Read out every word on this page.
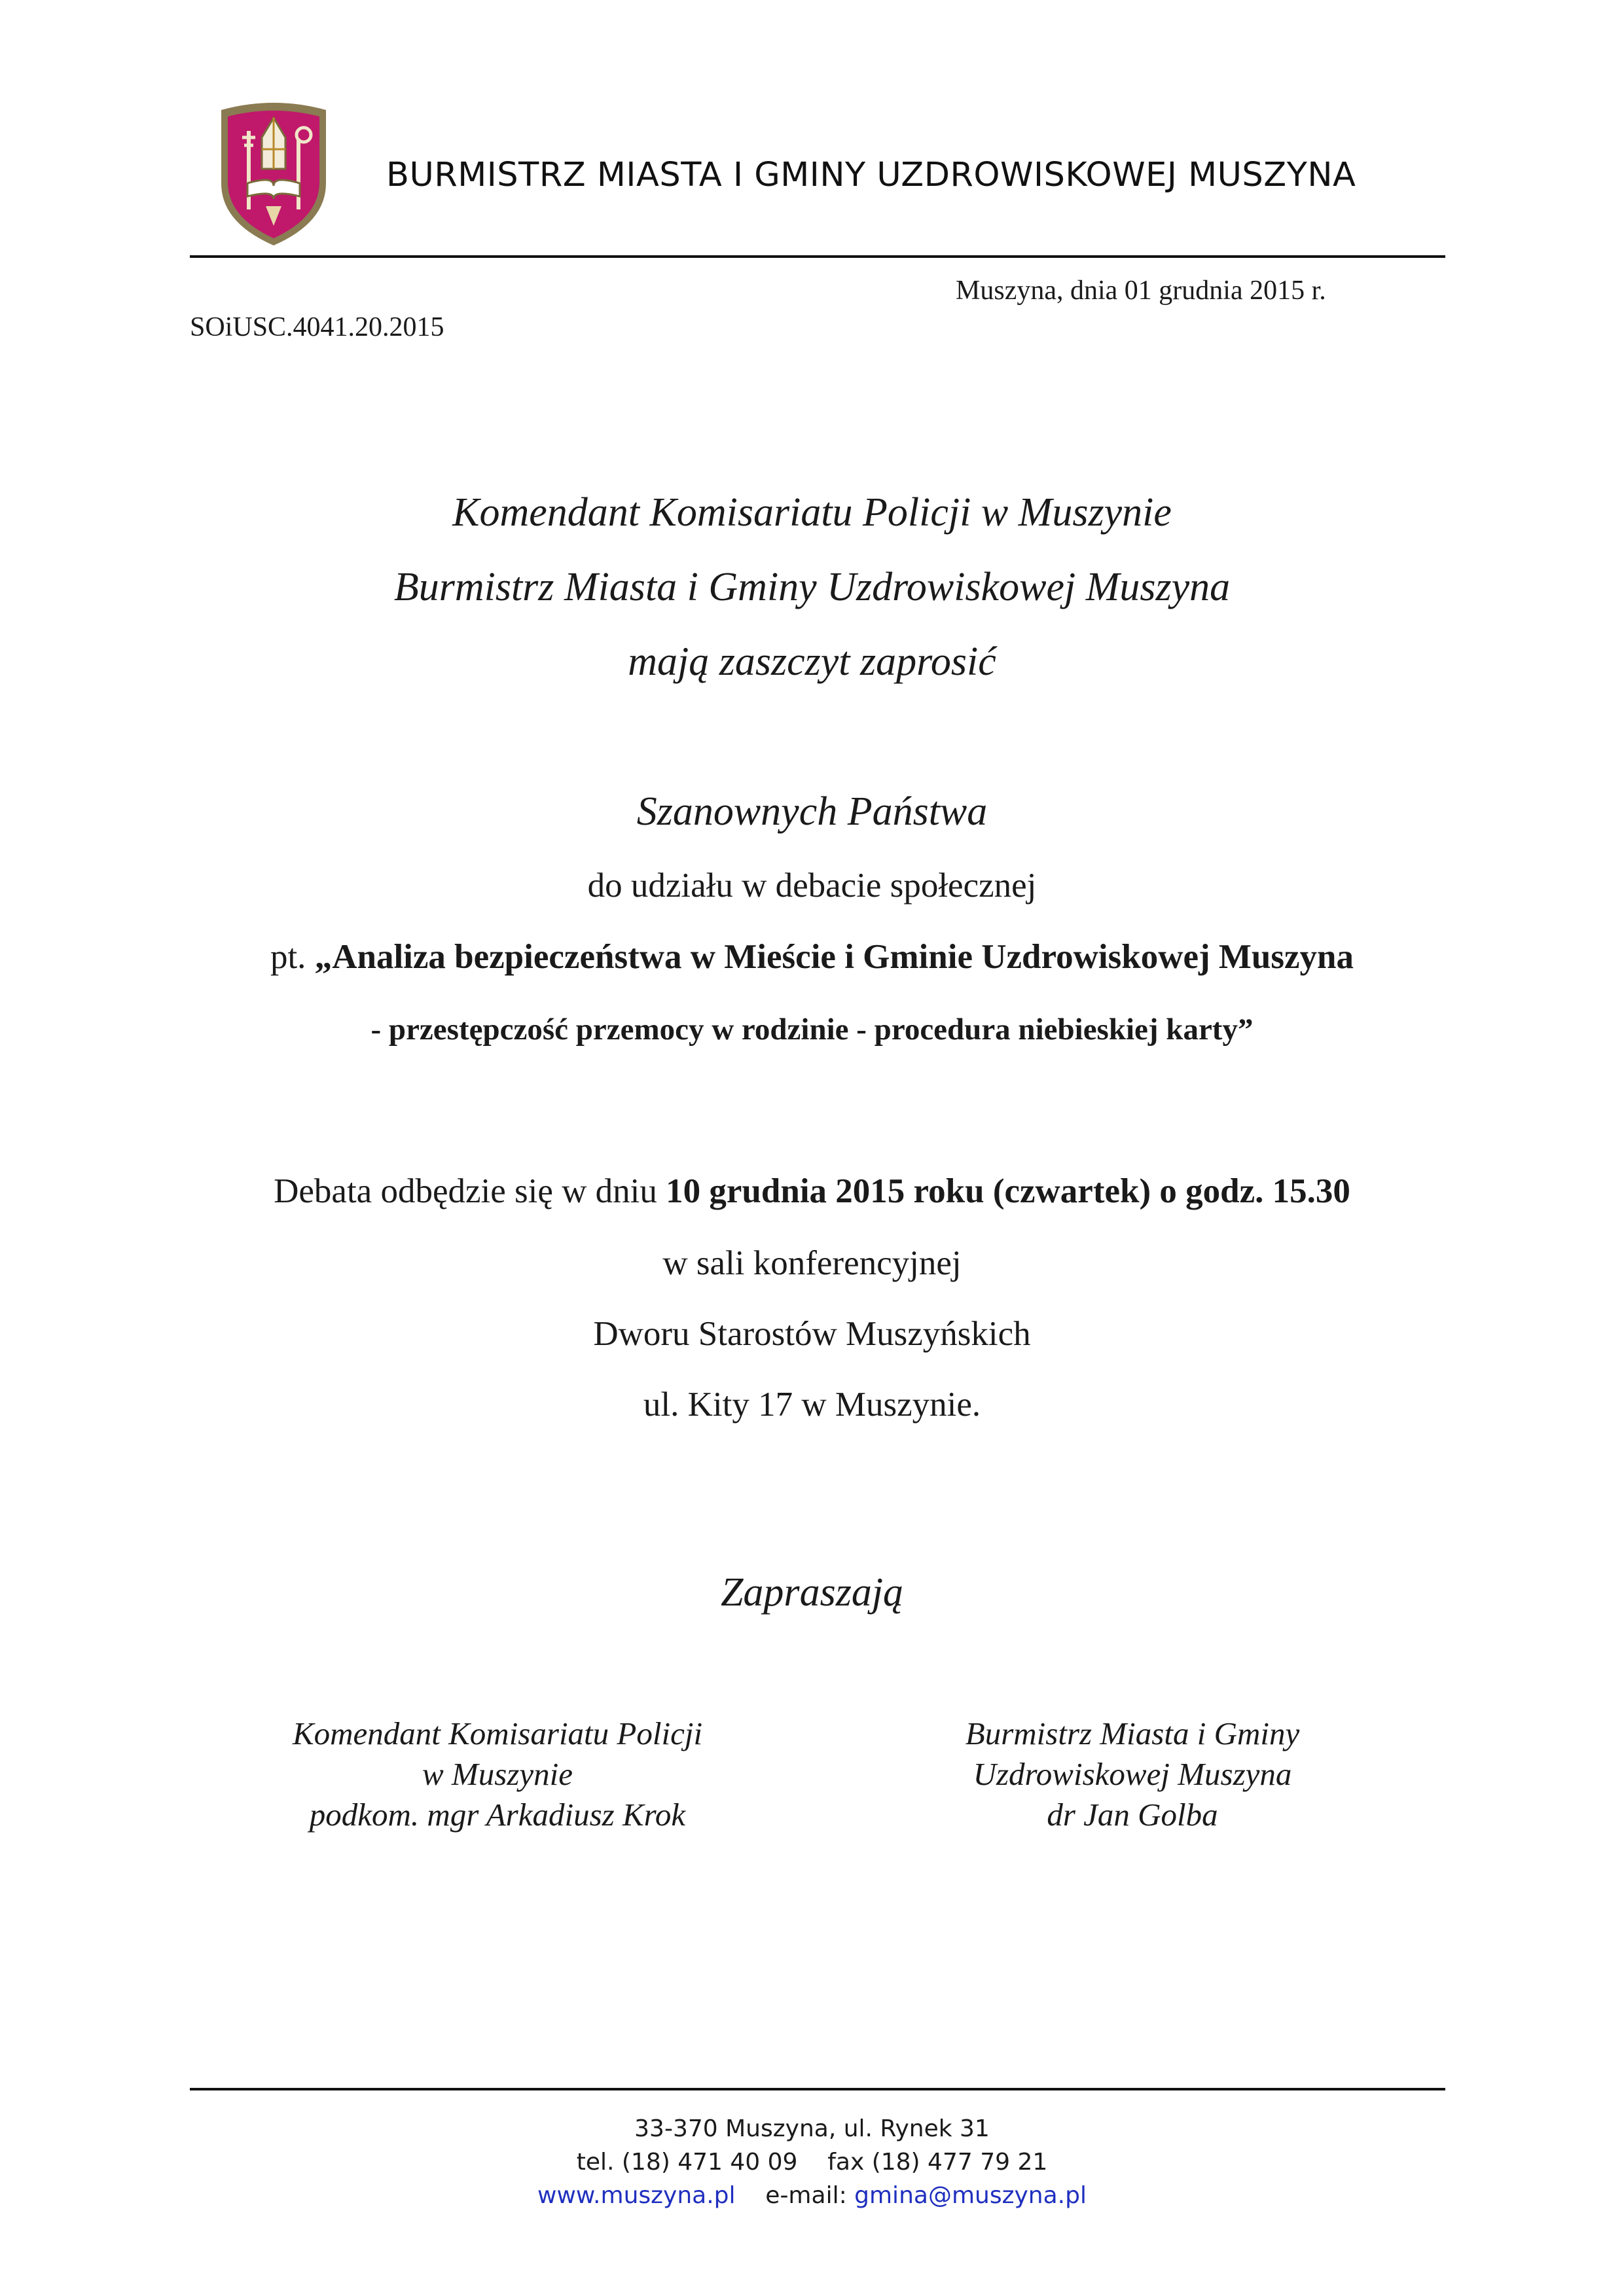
BURMISTRZ MIASTA I GMINY UZDROWISKOWEJ MUSZYNA
Muszyna, dnia 01 grudnia 2015 r.
SOiUSC.4041.20.2015
Komendant Komisariatu Policji w Muszynie
Burmistrz Miasta i Gminy Uzdrowiskowej Muszyna
mają zaszczyt zaprosić
Szanownych Państwa
do udziału w debacie społecznej
pt. „Analiza bezpieczeństwa w Mieście i Gminie Uzdrowiskowej Muszyna
- przestępczość przemocy w rodzinie - procedura niebieskiej karty”
Debata odbędzie się w dniu 10 grudnia 2015 roku (czwartek) o godz. 15.30
w sali konferencyjnej
Dworu Starostów Muszyńskich
ul. Kity 17 w Muszynie.
Zapraszają
Komendant Komisariatu Policji
w Muszynie
podkom. mgr Arkadiusz Krok
Burmistrz Miasta i Gminy
Uzdrowiskowej Muszyna
dr Jan Golba
33-370 Muszyna, ul. Rynek 31
tel. (18) 471 40 09 fax (18) 477 79 21
www.muszyna.pl e-mail: gmina@muszyna.pl
